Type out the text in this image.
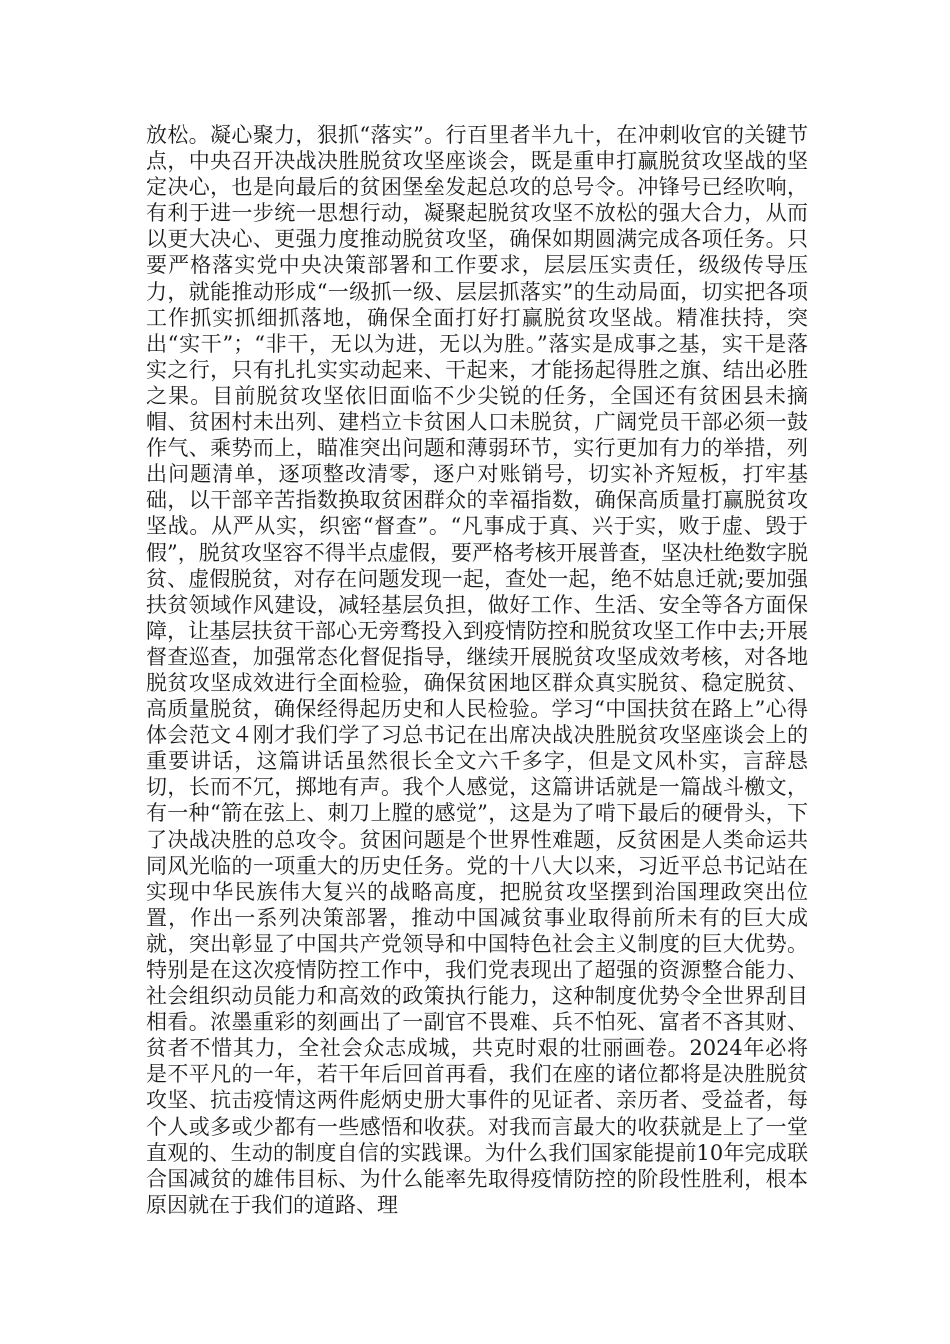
放松。凝心聚力，狠抓“落实”。行百里者半九十，在冲刺收官的关键节点，中央召开决战决胜脱贫攻坚座谈会，既是重申打赢脱贫攻坚战的坚定决心，也是向最后的贫困堡垒发起总攻的总号令。冲锋号已经吹响，有利于进一步统一思想行动，凝聚起脱贫攻坚不放松的强大合力，从而以更大决心、更强力度推动脱贫攻坚，确保如期圆满完成各项任务。只要严格落实党中央决策部署和工作要求，层层压实责任，级级传导压力，就能推动形成“一级抓一级、层层抓落实”的生动局面，切实把各项工作抓实抓细抓落地，确保全面打好打赢脱贫攻坚战。精准扶持，突出“实干”；“非干，无以为进，无以为胜。”落实是成事之基，实干是落实之行，只有扎扎实实动起来、干起来，才能扬起得胜之旗、结出必胜之果。目前脱贫攻坚依旧面临不少尖锐的任务，全国还有贫困县未摘帽、贫困村未出列、建档立卡贫困人口未脱贫，广阔党员干部必须一鼓作气、乘势而上，瞄准突出问题和薄弱环节，实行更加有力的举措，列出问题清单，逐项整改清零，逐户对账销号，切实补齐短板，打牢基础，以干部辛苦指数换取贫困群众的幸福指数，确保高质量打赢脱贫攻坚战。从严从实，织密“督查”。“凡事成于真、兴于实，败于虚、毁于假”，脱贫攻坚容不得半点虚假，要严格考核开展普查，坚决杜绝数字脱贫、虚假脱贫，对存在问题发现一起，查处一起，绝不姑息迁就;要加强扶贫领域作风建设，减轻基层负担，做好工作、生活、安全等各方面保障，让基层扶贫干部心无旁骛投入到疫情防控和脱贫攻坚工作中去;开展督查巡查，加强常态化督促指导，继续开展脱贫攻坚成效考核，对各地脱贫攻坚成效进行全面检验，确保贫困地区群众真实脱贫、稳定脱贫、高质量脱贫，确保经得起历史和人民检验。学习“中国扶贫在路上”心得体会范文４刚才我们学了习总书记在出席决战决胜脱贫攻坚座谈会上的重要讲话，这篇讲话虽然很长全文六千多字，但是文风朴实，言辞恳切，长而不冗，掷地有声。我个人感觉，这篇讲话就是一篇战斗檄文，有一种“箭在弦上、刺刀上膛的感觉”，这是为了啃下最后的硬骨头，下了决战决胜的总攻令。贫困问题是个世界性难题，反贫困是人类命运共同风光临的一项重大的历史任务。党的十八大以来，习近平总书记站在实现中华民族伟大复兴的战略高度，把脱贫攻坚摆到治国理政突出位置，作出一系列决策部署，推动中国减贫事业取得前所未有的巨大成就，突出彰显了中国共产党领导和中国特色社会主义制度的巨大优势。特别是在这次疫情防控工作中，我们党表现出了超强的资源整合能力、社会组织动员能力和高效的政策执行能力，这种制度优势令全世界刮目相看。浓墨重彩的刻画出了一副官不畏难、兵不怕死、富者不吝其财、贫者不惜其力，全社会众志成城，共克时艰的壮丽画卷。2024年必将是不平凡的一年，若干年后回首再看，我们在座的诸位都将是决胜脱贫攻坚、抗击疫情这两件彪炳史册大事件的见证者、亲历者、受益者，每个人或多或少都有一些感悟和收获。对我而言最大的收获就是上了一堂直观的、生动的制度自信的实践课。为什么我们国家能提前10年完成联合国减贫的雄伟目标、为什么能率先取得疫情防控的阶段性胜利，根本原因就在于我们的道路、理
